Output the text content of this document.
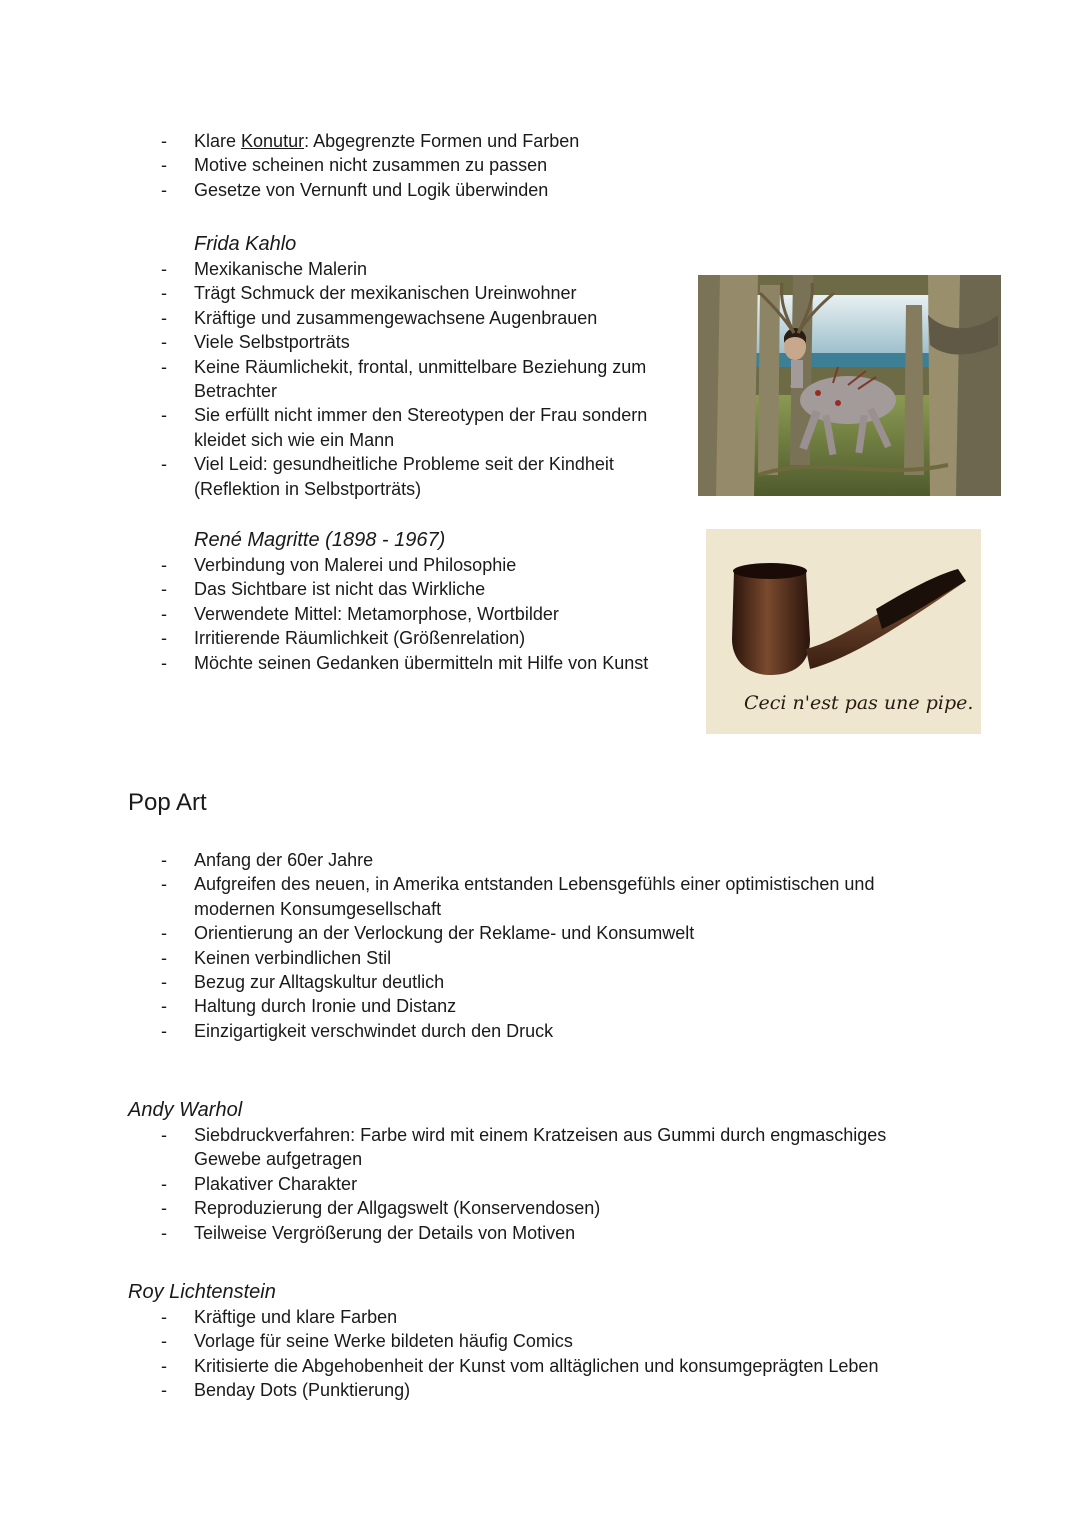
- Klare Konutur: Abgegrenzte Formen und Farben
- Motive scheinen nicht zusammen zu passen
- Gesetze von Vernunft und Logik überwinden
Frida Kahlo
- Mexikanische Malerin
- Trägt Schmuck der mexikanischen Ureinwohner
- Kräftige und zusammengewachsene Augenbrauen
- Viele Selbstporträts
- Keine Räumlichekit, frontal, unmittelbare Beziehung zum Betrachter
- Sie erfüllt nicht immer den Stereotypen der Frau sondern kleidet sich wie ein Mann
- Viel Leid: gesundheitliche Probleme seit der Kindheit (Reflektion in Selbstporträts)
René Magritte (1898 - 1967)
- Verbindung von Malerei und Philosophie
- Das Sichtbare ist nicht das Wirkliche
- Verwendete Mittel: Metamorphose, Wortbilder
- Irritierende Räumlichkeit (Größenrelation)
- Möchte seinen Gedanken übermitteln mit Hilfe von Kunst
Ceci n'est pas une pipe.
Pop Art
- Anfang der 60er Jahre
- Aufgreifen des neuen, in Amerika entstanden Lebensgefühls einer optimistischen und modernen Konsumgesellschaft
- Orientierung an der Verlockung der Reklame- und Konsumwelt
- Keinen verbindlichen Stil
- Bezug zur Alltagskultur deutlich
- Haltung durch Ironie und Distanz
- Einzigartigkeit verschwindet durch den Druck
Andy Warhol
- Siebdruckverfahren: Farbe wird mit einem Kratzeisen aus Gummi durch engmaschiges Gewebe aufgetragen
- Plakativer Charakter
- Reproduzierung der Allgagswelt (Konservendosen)
- Teilweise Vergrößerung der Details von Motiven
Roy Lichtenstein
- Kräftige und klare Farben
- Vorlage für seine Werke bildeten häufig Comics
- Kritisierte die Abgehobenheit der Kunst vom alltäglichen und konsumgeprägten Leben
- Benday Dots (Punktierung)
